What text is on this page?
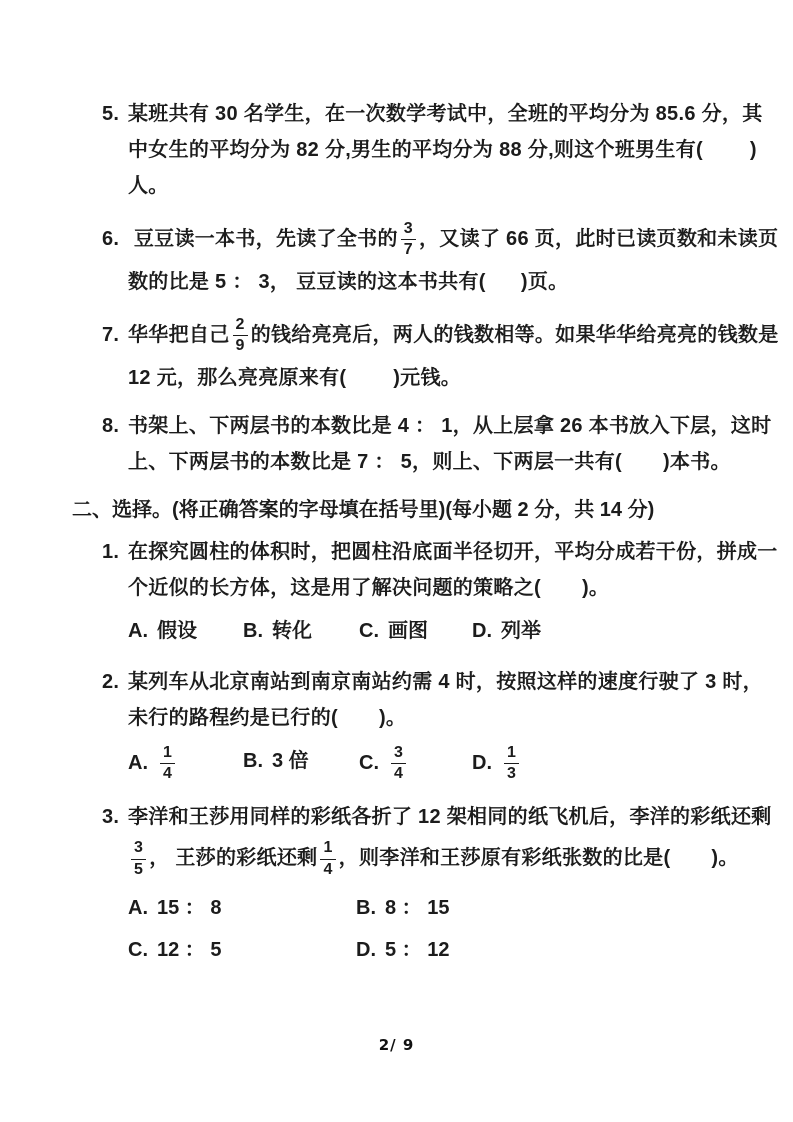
5. 某班共有 30 名学生，在一次数学考试中，全班的平均分为 85.6 分，其
中女生的平均分为 82 分,男生的平均分为 88 分,则这个班男生有(        )
人。
6. 豆豆读一本书，先读了全书的 $\frac{3}{7}$ ，又读了 66 页，此时已读页数和未读页
数的比是 5 ： 3， 豆豆读的这本书共有(      )页。
7. 华华把自己 $\frac{2}{9}$ 的钱给亮亮后，两人的钱数相等。如果华华给亮亮的钱数是
12 元，那么亮亮原来有(        )元钱。
8. 书架上、下两层书的本数比是 4 ： 1，从上层拿 26 本书放入下层，这时
上、下两层书的本数比是 7 ： 5，则上、下两层一共有(       )本书。
二、选择。(将正确答案的字母填在括号里)(每小题 2 分，共 14 分)
1. 在探究圆柱的体积时，把圆柱沿底面半径切开，平均分成若干份，拼成一
个近似的长方体，这是用了解决问题的策略之(       )。
A. 假设	B. 转化	C. 画图	D. 列举
2. 某列车从北京南站到南京南站约需 4 时，按照这样的速度行驶了 3 时，
未行的路程约是已行的(       )。
A. $\frac{1}{4}$	B. 3 倍	C. $\frac{3}{4}$	D. $\frac{1}{3}$
3. 李洋和王莎用同样的彩纸各折了 12 架相同的纸飞机后，李洋的彩纸还剩
$\frac{3}{5}$ ， 王莎的彩纸还剩 $\frac{1}{4}$ ，则李洋和王莎原有彩纸张数的比是(       )。
A. 15 ： 8	B. 8 ： 15
C. 12 ： 5	D. 5 ： 12
2/ 9
